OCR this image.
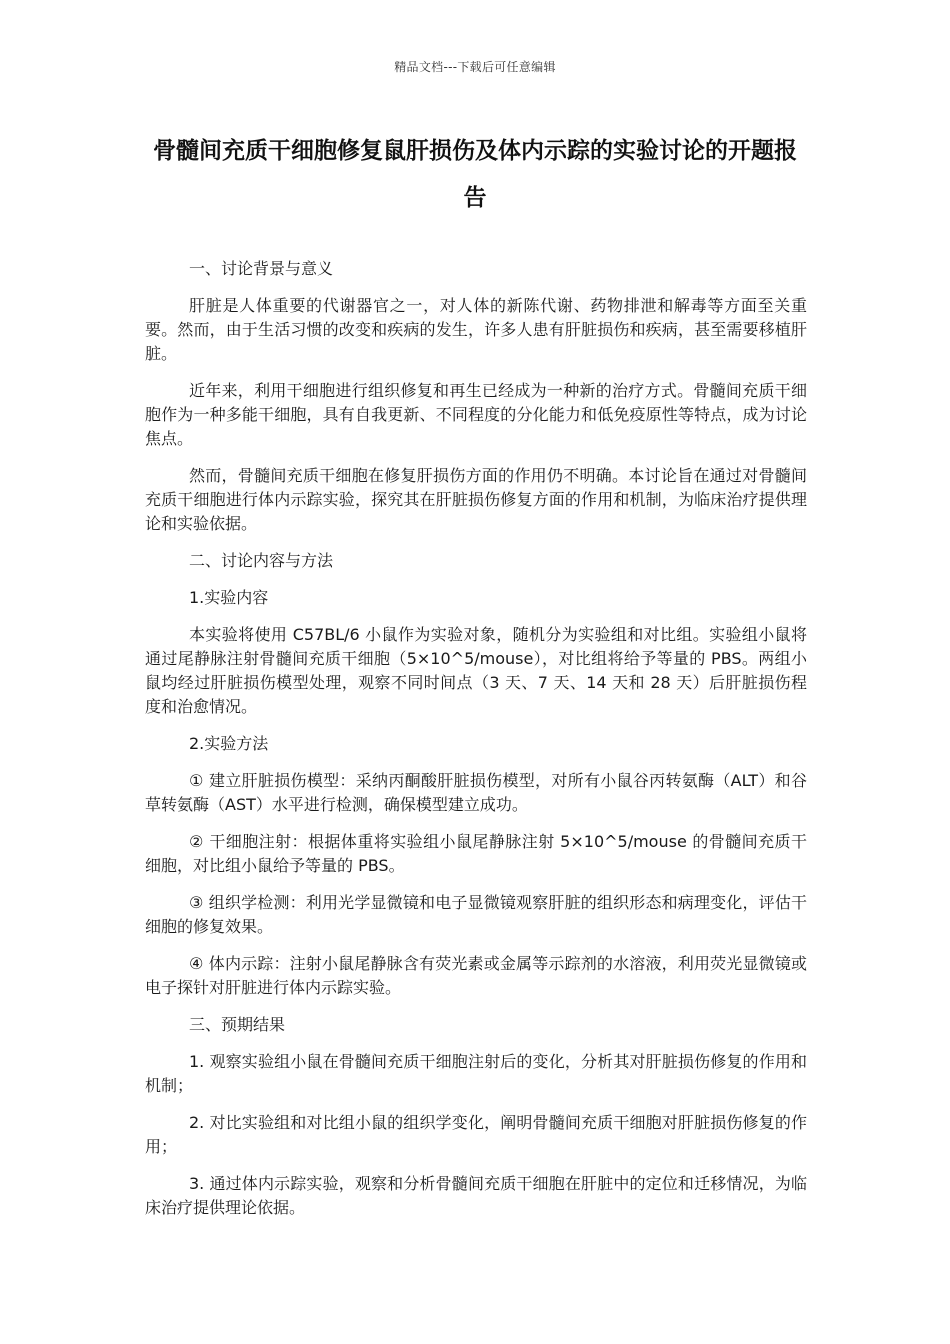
精品文档---下载后可任意编辑
骨髓间充质干细胞修复鼠肝损伤及体内示踪的实验讨论的开题报告

一、讨论背景与意义

肝脏是人体重要的代谢器官之一，对人体的新陈代谢、药物排泄和解毒等方面至关重要。然而，由于生活习惯的改变和疾病的发生，许多人患有肝脏损伤和疾病，甚至需要移植肝脏。

近年来，利用干细胞进行组织修复和再生已经成为一种新的治疗方式。骨髓间充质干细胞作为一种多能干细胞，具有自我更新、不同程度的分化能力和低免疫原性等特点，成为讨论焦点。

然而，骨髓间充质干细胞在修复肝损伤方面的作用仍不明确。本讨论旨在通过对骨髓间充质干细胞进行体内示踪实验，探究其在肝脏损伤修复方面的作用和机制，为临床治疗提供理论和实验依据。

二、讨论内容与方法

1.实验内容

本实验将使用 C57BL/6 小鼠作为实验对象，随机分为实验组和对比组。实验组小鼠将通过尾静脉注射骨髓间充质干细胞（5×10^5/mouse），对比组将给予等量的 PBS。两组小鼠均经过肝脏损伤模型处理，观察不同时间点（3 天、7 天、14 天和 28 天）后肝脏损伤程度和治愈情况。

2.实验方法

① 建立肝脏损伤模型：采纳丙酮酸肝脏损伤模型，对所有小鼠谷丙转氨酶（ALT）和谷草转氨酶（AST）水平进行检测，确保模型建立成功。

② 干细胞注射：根据体重将实验组小鼠尾静脉注射 5×10^5/mouse 的骨髓间充质干细胞，对比组小鼠给予等量的 PBS。

③ 组织学检测：利用光学显微镜和电子显微镜观察肝脏的组织形态和病理变化，评估干细胞的修复效果。

④ 体内示踪：注射小鼠尾静脉含有荧光素或金属等示踪剂的水溶液，利用荧光显微镜或电子探针对肝脏进行体内示踪实验。

三、预期结果

1. 观察实验组小鼠在骨髓间充质干细胞注射后的变化，分析其对肝脏损伤修复的作用和机制；

2. 对比实验组和对比组小鼠的组织学变化，阐明骨髓间充质干细胞对肝脏损伤修复的作用；

3. 通过体内示踪实验，观察和分析骨髓间充质干细胞在肝脏中的定位和迁移情况，为临床治疗提供理论依据。
